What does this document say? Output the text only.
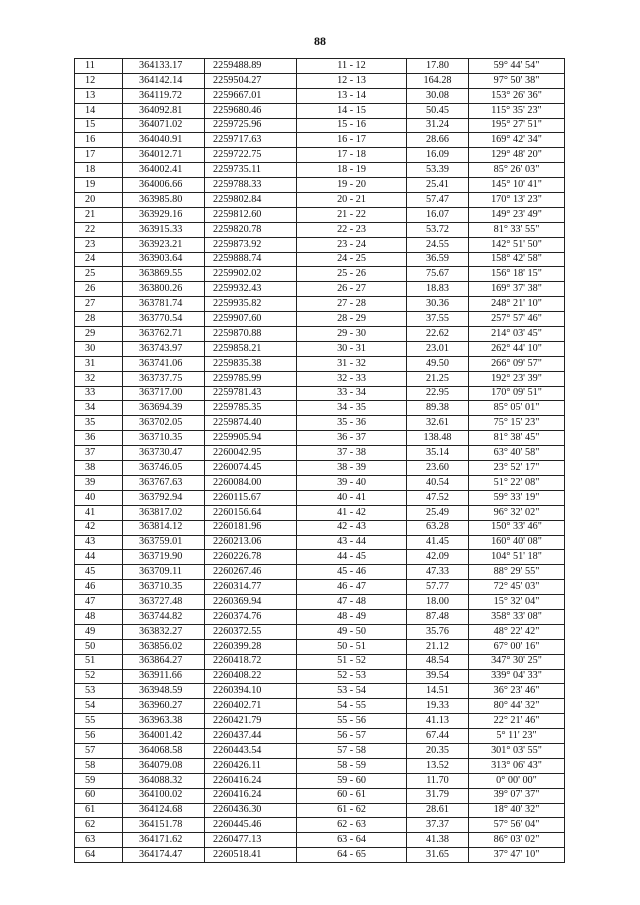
88
11	364133.17	2259488.89	11 - 12	17.80	59° 44' 54"
12	364142.14	2259504.27	12 - 13	164.28	97° 50' 38"
13	364119.72	2259667.01	13 - 14	30.08	153° 26' 36"
14	364092.81	2259680.46	14 - 15	50.45	115° 35' 23"
15	364071.02	2259725.96	15 - 16	31.24	195° 27' 51"
16	364040.91	2259717.63	16 - 17	28.66	169° 42' 34"
17	364012.71	2259722.75	17 - 18	16.09	129° 48' 20"
18	364002.41	2259735.11	18 - 19	53.39	85° 26' 03"
19	364006.66	2259788.33	19 - 20	25.41	145° 10' 41"
20	363985.80	2259802.84	20 - 21	57.47	170° 13' 23"
21	363929.16	2259812.60	21 - 22	16.07	149° 23' 49"
22	363915.33	2259820.78	22 - 23	53.72	81° 33' 55"
23	363923.21	2259873.92	23 - 24	24.55	142° 51' 50"
24	363903.64	2259888.74	24 - 25	36.59	158° 42' 58"
25	363869.55	2259902.02	25 - 26	75.67	156° 18' 15"
26	363800.26	2259932.43	26 - 27	18.83	169° 37' 38"
27	363781.74	2259935.82	27 - 28	30.36	248° 21' 10"
28	363770.54	2259907.60	28 - 29	37.55	257° 57' 46"
29	363762.71	2259870.88	29 - 30	22.62	214° 03' 45"
30	363743.97	2259858.21	30 - 31	23.01	262° 44' 10"
31	363741.06	2259835.38	31 - 32	49.50	266° 09' 57"
32	363737.75	2259785.99	32 - 33	21.25	192° 23' 39"
33	363717.00	2259781.43	33 - 34	22.95	170° 09' 51"
34	363694.39	2259785.35	34 - 35	89.38	85° 05' 01"
35	363702.05	2259874.40	35 - 36	32.61	75° 15' 23"
36	363710.35	2259905.94	36 - 37	138.48	81° 38' 45"
37	363730.47	2260042.95	37 - 38	35.14	63° 40' 58"
38	363746.05	2260074.45	38 - 39	23.60	23° 52' 17"
39	363767.63	2260084.00	39 - 40	40.54	51° 22' 08"
40	363792.94	2260115.67	40 - 41	47.52	59° 33' 19"
41	363817.02	2260156.64	41 - 42	25.49	96° 32' 02"
42	363814.12	2260181.96	42 - 43	63.28	150° 33' 46"
43	363759.01	2260213.06	43 - 44	41.45	160° 40' 08"
44	363719.90	2260226.78	44 - 45	42.09	104° 51' 18"
45	363709.11	2260267.46	45 - 46	47.33	88° 29' 55"
46	363710.35	2260314.77	46 - 47	57.77	72° 45' 03"
47	363727.48	2260369.94	47 - 48	18.00	15° 32' 04"
48	363744.82	2260374.76	48 - 49	87.48	358° 33' 08"
49	363832.27	2260372.55	49 - 50	35.76	48° 22' 42"
50	363856.02	2260399.28	50 - 51	21.12	67° 00' 16"
51	363864.27	2260418.72	51 - 52	48.54	347° 30' 25"
52	363911.66	2260408.22	52 - 53	39.54	339° 04' 33"
53	363948.59	2260394.10	53 - 54	14.51	36° 23' 46"
54	363960.27	2260402.71	54 - 55	19.33	80° 44' 32"
55	363963.38	2260421.79	55 - 56	41.13	22° 21' 46"
56	364001.42	2260437.44	56 - 57	67.44	5° 11' 23"
57	364068.58	2260443.54	57 - 58	20.35	301° 03' 55"
58	364079.08	2260426.11	58 - 59	13.52	313° 06' 43"
59	364088.32	2260416.24	59 - 60	11.70	0° 00' 00"
60	364100.02	2260416.24	60 - 61	31.79	39° 07' 37"
61	364124.68	2260436.30	61 - 62	28.61	18° 40' 32"
62	364151.78	2260445.46	62 - 63	37.37	57° 56' 04"
63	364171.62	2260477.13	63 - 64	41.38	86° 03' 02"
64	364174.47	2260518.41	64 - 65	31.65	37° 47' 10"
